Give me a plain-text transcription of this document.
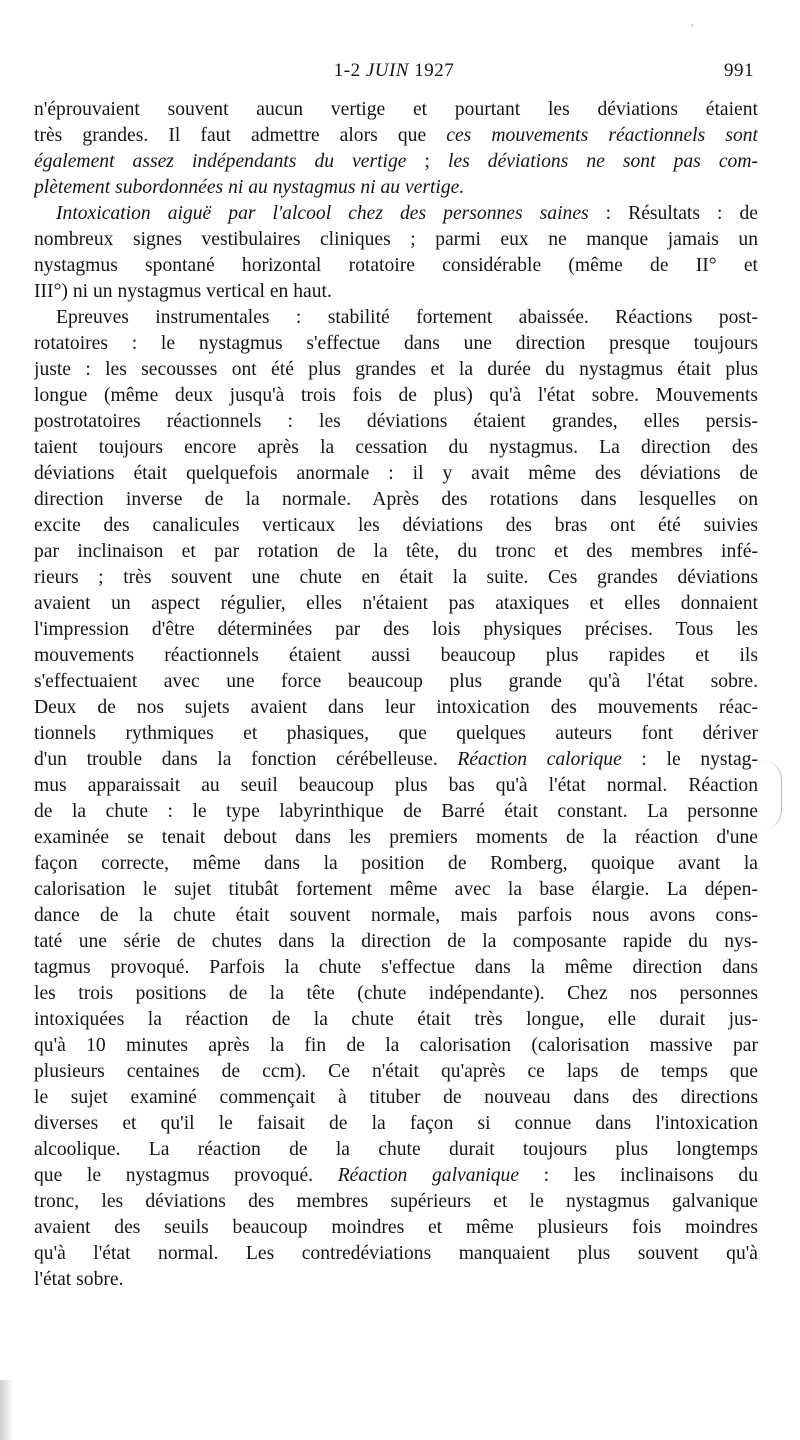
·
1-2 JUIN 1927	991
n'éprouvaient souvent aucun vertige et pourtant les déviations étaient
très grandes. Il faut admettre alors que ces mouvements réactionnels sont
également assez indépendants du vertige ; les déviations ne sont pas com-
plètement subordonnées ni au nystagmus ni au vertige.
Intoxication aiguë par l'alcool chez des personnes saines : Résultats : de
nombreux signes vestibulaires cliniques ; parmi eux ne manque jamais un
nystagmus spontané horizontal rotatoire considérable (même de II° et
III°) ni un nystagmus vertical en haut.
Epreuves instrumentales : stabilité fortement abaissée. Réactions post-
rotatoires : le nystagmus s'effectue dans une direction presque toujours
juste : les secousses ont été plus grandes et la durée du nystagmus était plus
longue (même deux jusqu'à trois fois de plus) qu'à l'état sobre. Mouvements
postrotatoires réactionnels : les déviations étaient grandes, elles persis-
taient toujours encore après la cessation du nystagmus. La direction des
déviations était quelquefois anormale : il y avait même des déviations de
direction inverse de la normale. Après des rotations dans lesquelles on
excite des canalicules verticaux les déviations des bras ont été suivies
par inclinaison et par rotation de la tête, du tronc et des membres infé-
rieurs ; très souvent une chute en était la suite. Ces grandes déviations
avaient un aspect régulier, elles n'étaient pas ataxiques et elles donnaient
l'impression d'être déterminées par des lois physiques précises. Tous les
mouvements réactionnels étaient aussi beaucoup plus rapides et ils
s'effectuaient avec une force beaucoup plus grande qu'à l'état sobre.
Deux de nos sujets avaient dans leur intoxication des mouvements réac-
tionnels rythmiques et phasiques, que quelques auteurs font dériver
d'un trouble dans la fonction cérébelleuse. Réaction calorique : le nystag-
mus apparaissait au seuil beaucoup plus bas qu'à l'état normal. Réaction
de la chute : le type labyrinthique de Barré était constant. La personne
examinée se tenait debout dans les premiers moments de la réaction d'une
façon correcte, même dans la position de Romberg, quoique avant la
calorisation le sujet titubât fortement même avec la base élargie. La dépen-
dance de la chute était souvent normale, mais parfois nous avons cons-
taté une série de chutes dans la direction de la composante rapide du nys-
tagmus provoqué. Parfois la chute s'effectue dans la même direction dans
les trois positions de la tête (chute indépendante). Chez nos personnes
intoxiquées la réaction de la chute était très longue, elle durait jus-
qu'à 10 minutes après la fin de la calorisation (calorisation massive par
plusieurs centaines de ccm). Ce n'était qu'après ce laps de temps que
le sujet examiné commençait à tituber de nouveau dans des directions
diverses et qu'il le faisait de la façon si connue dans l'intoxication
alcoolique. La réaction de la chute durait toujours plus longtemps
que le nystagmus provoqué. Réaction galvanique : les inclinaisons du
tronc, les déviations des membres supérieurs et le nystagmus galvanique
avaient des seuils beaucoup moindres et même plusieurs fois moindres
qu'à l'état normal. Les contredéviations manquaient plus souvent qu'à
l'état sobre.
